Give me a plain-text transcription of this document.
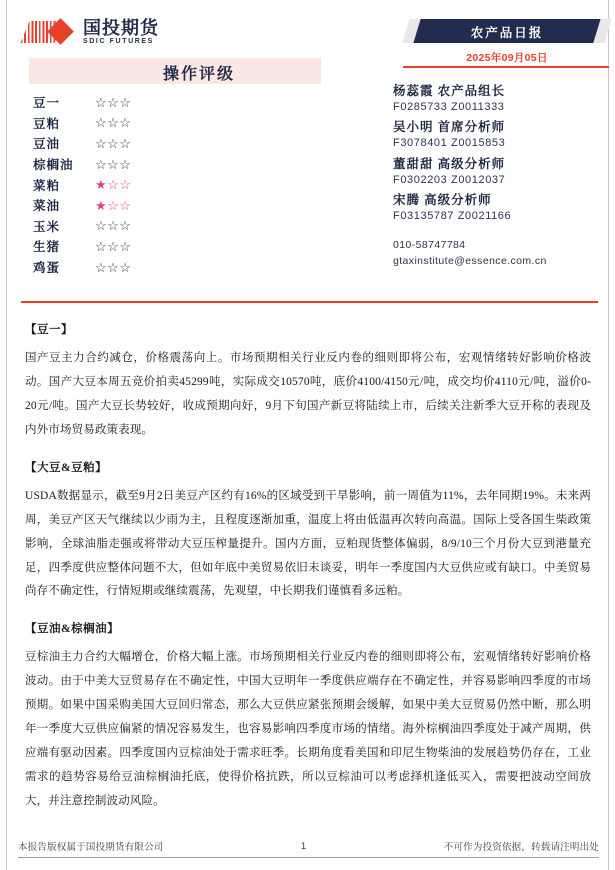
国投期货
SDIC FUTURES
操作评级
豆一	☆☆☆
豆粕	☆☆☆
豆油	☆☆☆
棕榈油	☆☆☆
菜粕	★☆☆
菜油	★☆☆
玉米	☆☆☆
生猪	☆☆☆
鸡蛋	☆☆☆
农产品日报
2025年09月05日
杨蕊霞 农产品组长
F0285733 Z0011333
吴小明 首席分析师
F3078401 Z0015853
董甜甜 高级分析师
F0302203 Z0012037
宋腾 高级分析师
F03135787 Z0021166
010-58747784
gtaxinstitute@essence.com.cn
【豆一】

国产豆主力合约减仓，价格震荡向上。市场预期相关行业反内卷的细则即将公布，宏观情绪转好影响价格波动。国产大豆本周五竞价拍卖45299吨，实际成交10570吨，底价4100/4150元/吨，成交均价4110元/吨，溢价0-20元/吨。国产大豆长势较好，收成预期向好，9月下旬国产新豆将陆续上市，后续关注新季大豆开称的表现及内外市场贸易政策表现。

【大豆&豆粕】

USDA数据显示，截至9月2日美豆产区约有16%的区域受到干旱影响，前一周值为11%，去年同期19%。未来两周，美豆产区天气继续以少雨为主，且程度逐渐加重，温度上将由低温再次转向高温。国际上受各国生柴政策影响，全球油脂走强或将带动大豆压榨量提升。国内方面，豆粕现货整体偏弱，8/9/10三个月份大豆到港量充足，四季度供应整体问题不大，但如年底中美贸易依旧未谈妥，明年一季度国内大豆供应或有缺口。中美贸易尚存不确定性，行情短期或继续震荡，先观望，中长期我们谨慎看多远粕。

【豆油&棕榈油】

豆棕油主力合约大幅增仓，价格大幅上涨。市场预期相关行业反内卷的细则即将公布，宏观情绪转好影响价格波动。由于中美大豆贸易存在不确定性，中国大豆明年一季度供应端存在不确定性，并容易影响四季度的市场预期。如果中国采购美国大豆回归常态，那么大豆供应紧张预期会缓解，如果中美大豆贸易仍然中断，那么明年一季度大豆供应偏紧的情况容易发生，也容易影响四季度市场的情绪。海外棕榈油四季度处于减产周期，供应端有驱动因素。四季度国内豆棕油处于需求旺季。长期角度看美国和印尼生物柴油的发展趋势仍存在，工业需求的趋势容易给豆油棕榈油托底，使得价格抗跌，所以豆棕油可以考虑择机逢低买入，需要把波动空间放大，并注意控制波动风险。

本报告版权属于国投期货有限公司	1	不可作为投资依据，转载请注明出处
